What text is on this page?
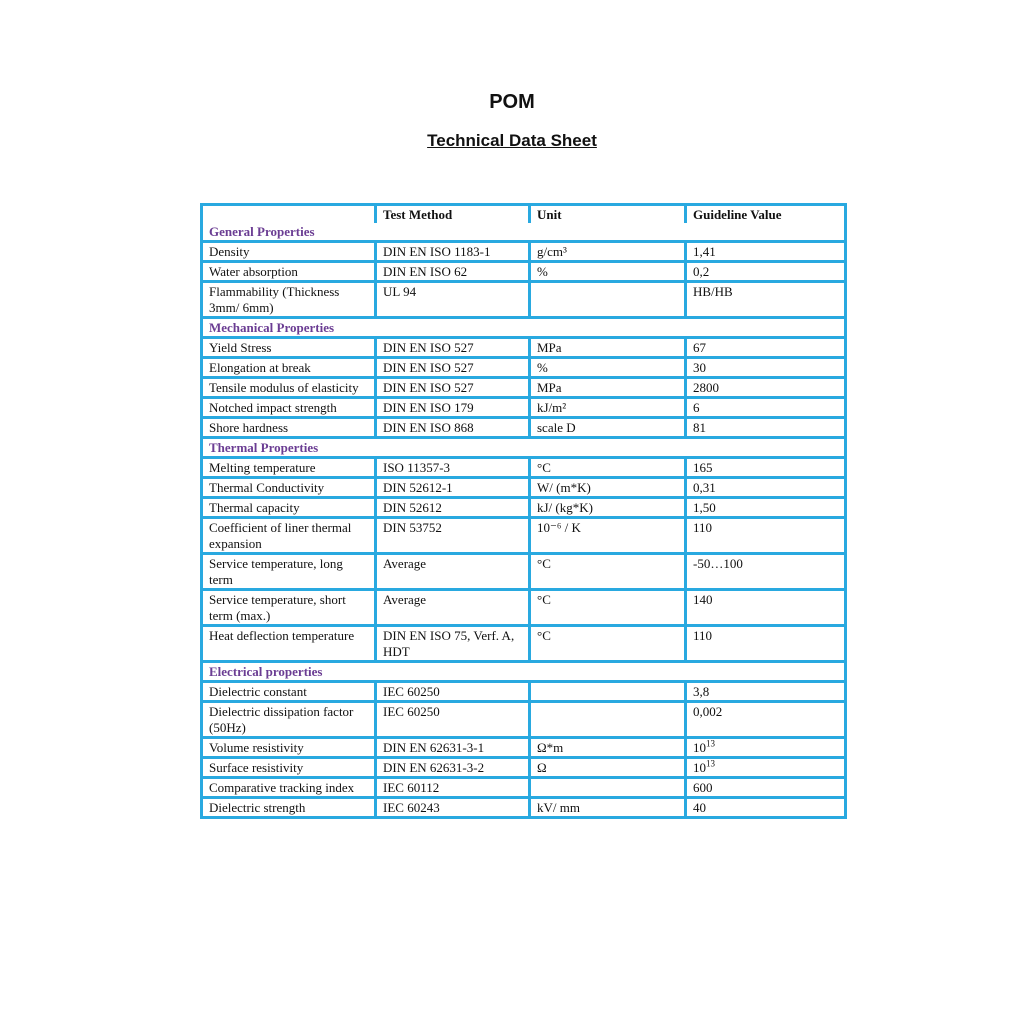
POM
Technical Data Sheet
	Test Method	Unit	Guideline Value
General Properties			
Density	DIN EN ISO 1183-1	g/cm³	1,41
Water absorption	DIN EN ISO 62	%	0,2
Flammability (Thickness 3mm/ 6mm)	UL 94		HB/HB
Mechanical Properties			
Yield Stress	DIN EN ISO 527	MPa	67
Elongation at break	DIN EN ISO 527	%	30
Tensile modulus of elasticity	DIN EN ISO 527	MPa	2800
Notched impact strength	DIN EN ISO 179	kJ/m²	6
Shore hardness	DIN EN ISO 868	scale D	81
Thermal Properties			
Melting temperature	ISO 11357-3	°C	165
Thermal Conductivity	DIN 52612-1	W/ (m*K)	0,31
Thermal capacity	DIN 52612	kJ/ (kg*K)	1,50
Coefficient of liner thermal expansion	DIN 53752	10⁻⁶ / K	110
Service temperature, long term	Average	°C	-50…100
Service temperature, short term (max.)	Average	°C	140
Heat deflection temperature	DIN EN ISO 75, Verf. A, HDT	°C	110
Electrical properties			
Dielectric constant	IEC 60250		3,8
Dielectric dissipation factor (50Hz)	IEC 60250		0,002
Volume resistivity	DIN EN 62631-3-1	Ω*m	$10^{13}$
Surface resistivity	DIN EN 62631-3-2	Ω	$10^{13}$
Comparative tracking index	IEC 60112		600
Dielectric strength	IEC 60243	kV/ mm	40
